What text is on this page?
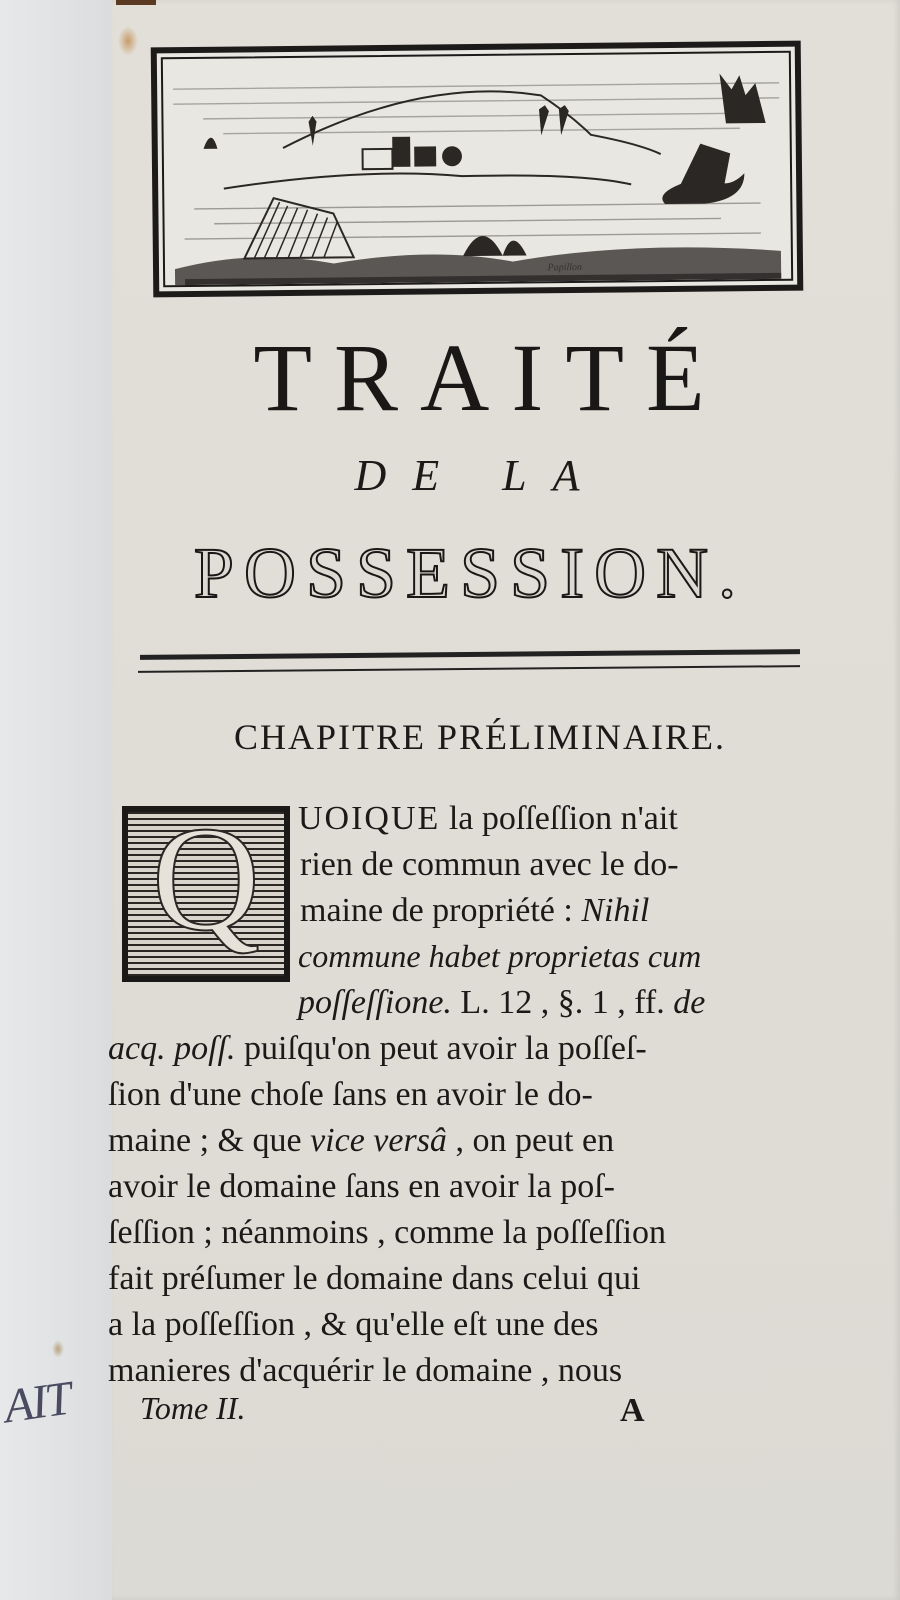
AIT
Papillon
TRAITÉ
DE LA
POSSESSION.
CHAPITRE PRÉLIMINAIRE.
Q	UOIQUE la poſſeſſion n'ait
rien de commun avec le do-
maine de propriété : Nihil
commune habet proprietas cum
poſſeſſione. L. 12 , §. 1 , ff. de
acq. poſſ. puiſqu'on peut avoir la poſſeſ-
ſion d'une choſe ſans en avoir le do-
maine ; & que vice versâ , on peut en
avoir le domaine ſans en avoir la poſ-
ſeſſion ; néanmoins , comme la poſſeſſion
fait préſumer le domaine dans celui qui
a la poſſeſſion , & qu'elle eſt une des
manieres d'acquérir le domaine , nous
Tome II.	A
